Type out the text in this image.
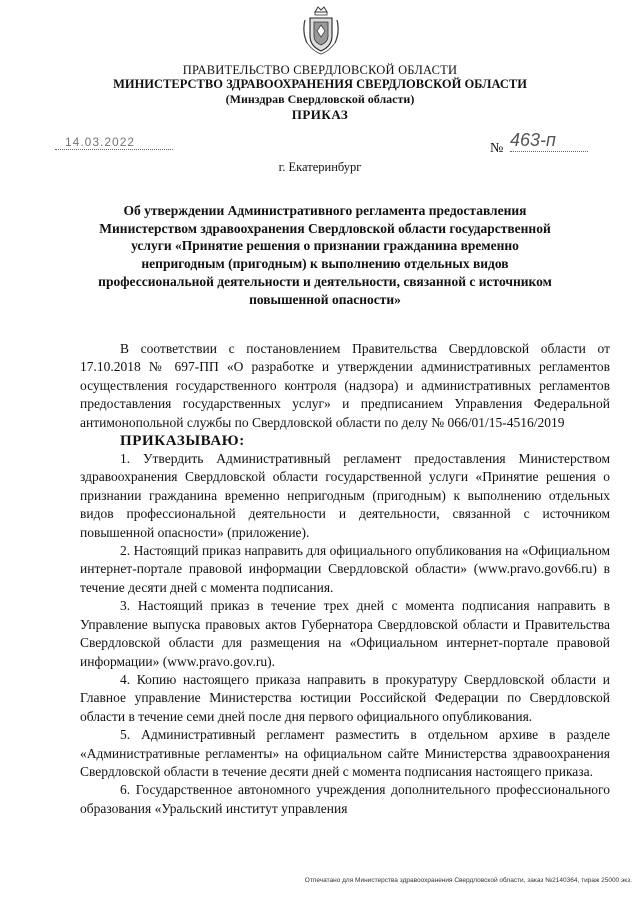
ПРАВИТЕЛЬСТВО СВЕРДЛОВСКОЙ ОБЛАСТИ
МИНИСТЕРСТВО ЗДРАВООХРАНЕНИЯ СВЕРДЛОВСКОЙ ОБЛАСТИ
(Минздрав Свердловской области)
ПРИКАЗ
14.03.2022	№ 463-п
г. Екатеринбург
Об утверждении Административного регламента предоставления Министерством здравоохранения Свердловской области государственной услуги «Принятие решения о признании гражданина временно непригодным (пригодным) к выполнению отдельных видов профессиональной деятельности и деятельности, связанной с источником повышенной опасности»

В соответствии с постановлением Правительства Свердловской области от 17.10.2018 № 697-ПП «О разработке и утверждении административных регламентов осуществления государственного контроля (надзора) и административных регламентов предоставления государственных услуг» и предписанием Управления Федеральной антимонопольной службы по Свердловской области по делу № 066/01/15-4516/2019

ПРИКАЗЫВАЮ:

1. Утвердить Административный регламент предоставления Министерством здравоохранения Свердловской области государственной услуги «Принятие решения о признании гражданина временно непригодным (пригодным) к выполнению отдельных видов профессиональной деятельности и деятельности, связанной с источником повышенной опасности» (приложение).

2. Настоящий приказ направить для официального опубликования на «Официальном интернет-портале правовой информации Свердловской области» (www.pravo.gov66.ru) в течение десяти дней с момента подписания.

3. Настоящий приказ в течение трех дней с момента подписания направить в Управление выпуска правовых актов Губернатора Свердловской области и Правительства Свердловской области для размещения на «Официальном интернет-портале правовой информации» (www.pravo.gov.ru).

4. Копию настоящего приказа направить в прокуратуру Свердловской области и Главное управление Министерства юстиции Российской Федерации по Свердловской области в течение семи дней после дня первого официального опубликования.

5. Административный регламент разместить в отдельном архиве в разделе «Административные регламенты» на официальном сайте Министерства здравоохранения Свердловской области в течение десяти дней с момента подписания настоящего приказа.

6. Государственное автономного учреждения дополнительного профессионального образования «Уральский институт управления

Отпечатано для Министерства здравоохранения Свердловской области, заказ №2140364, тираж 25000 экз.
